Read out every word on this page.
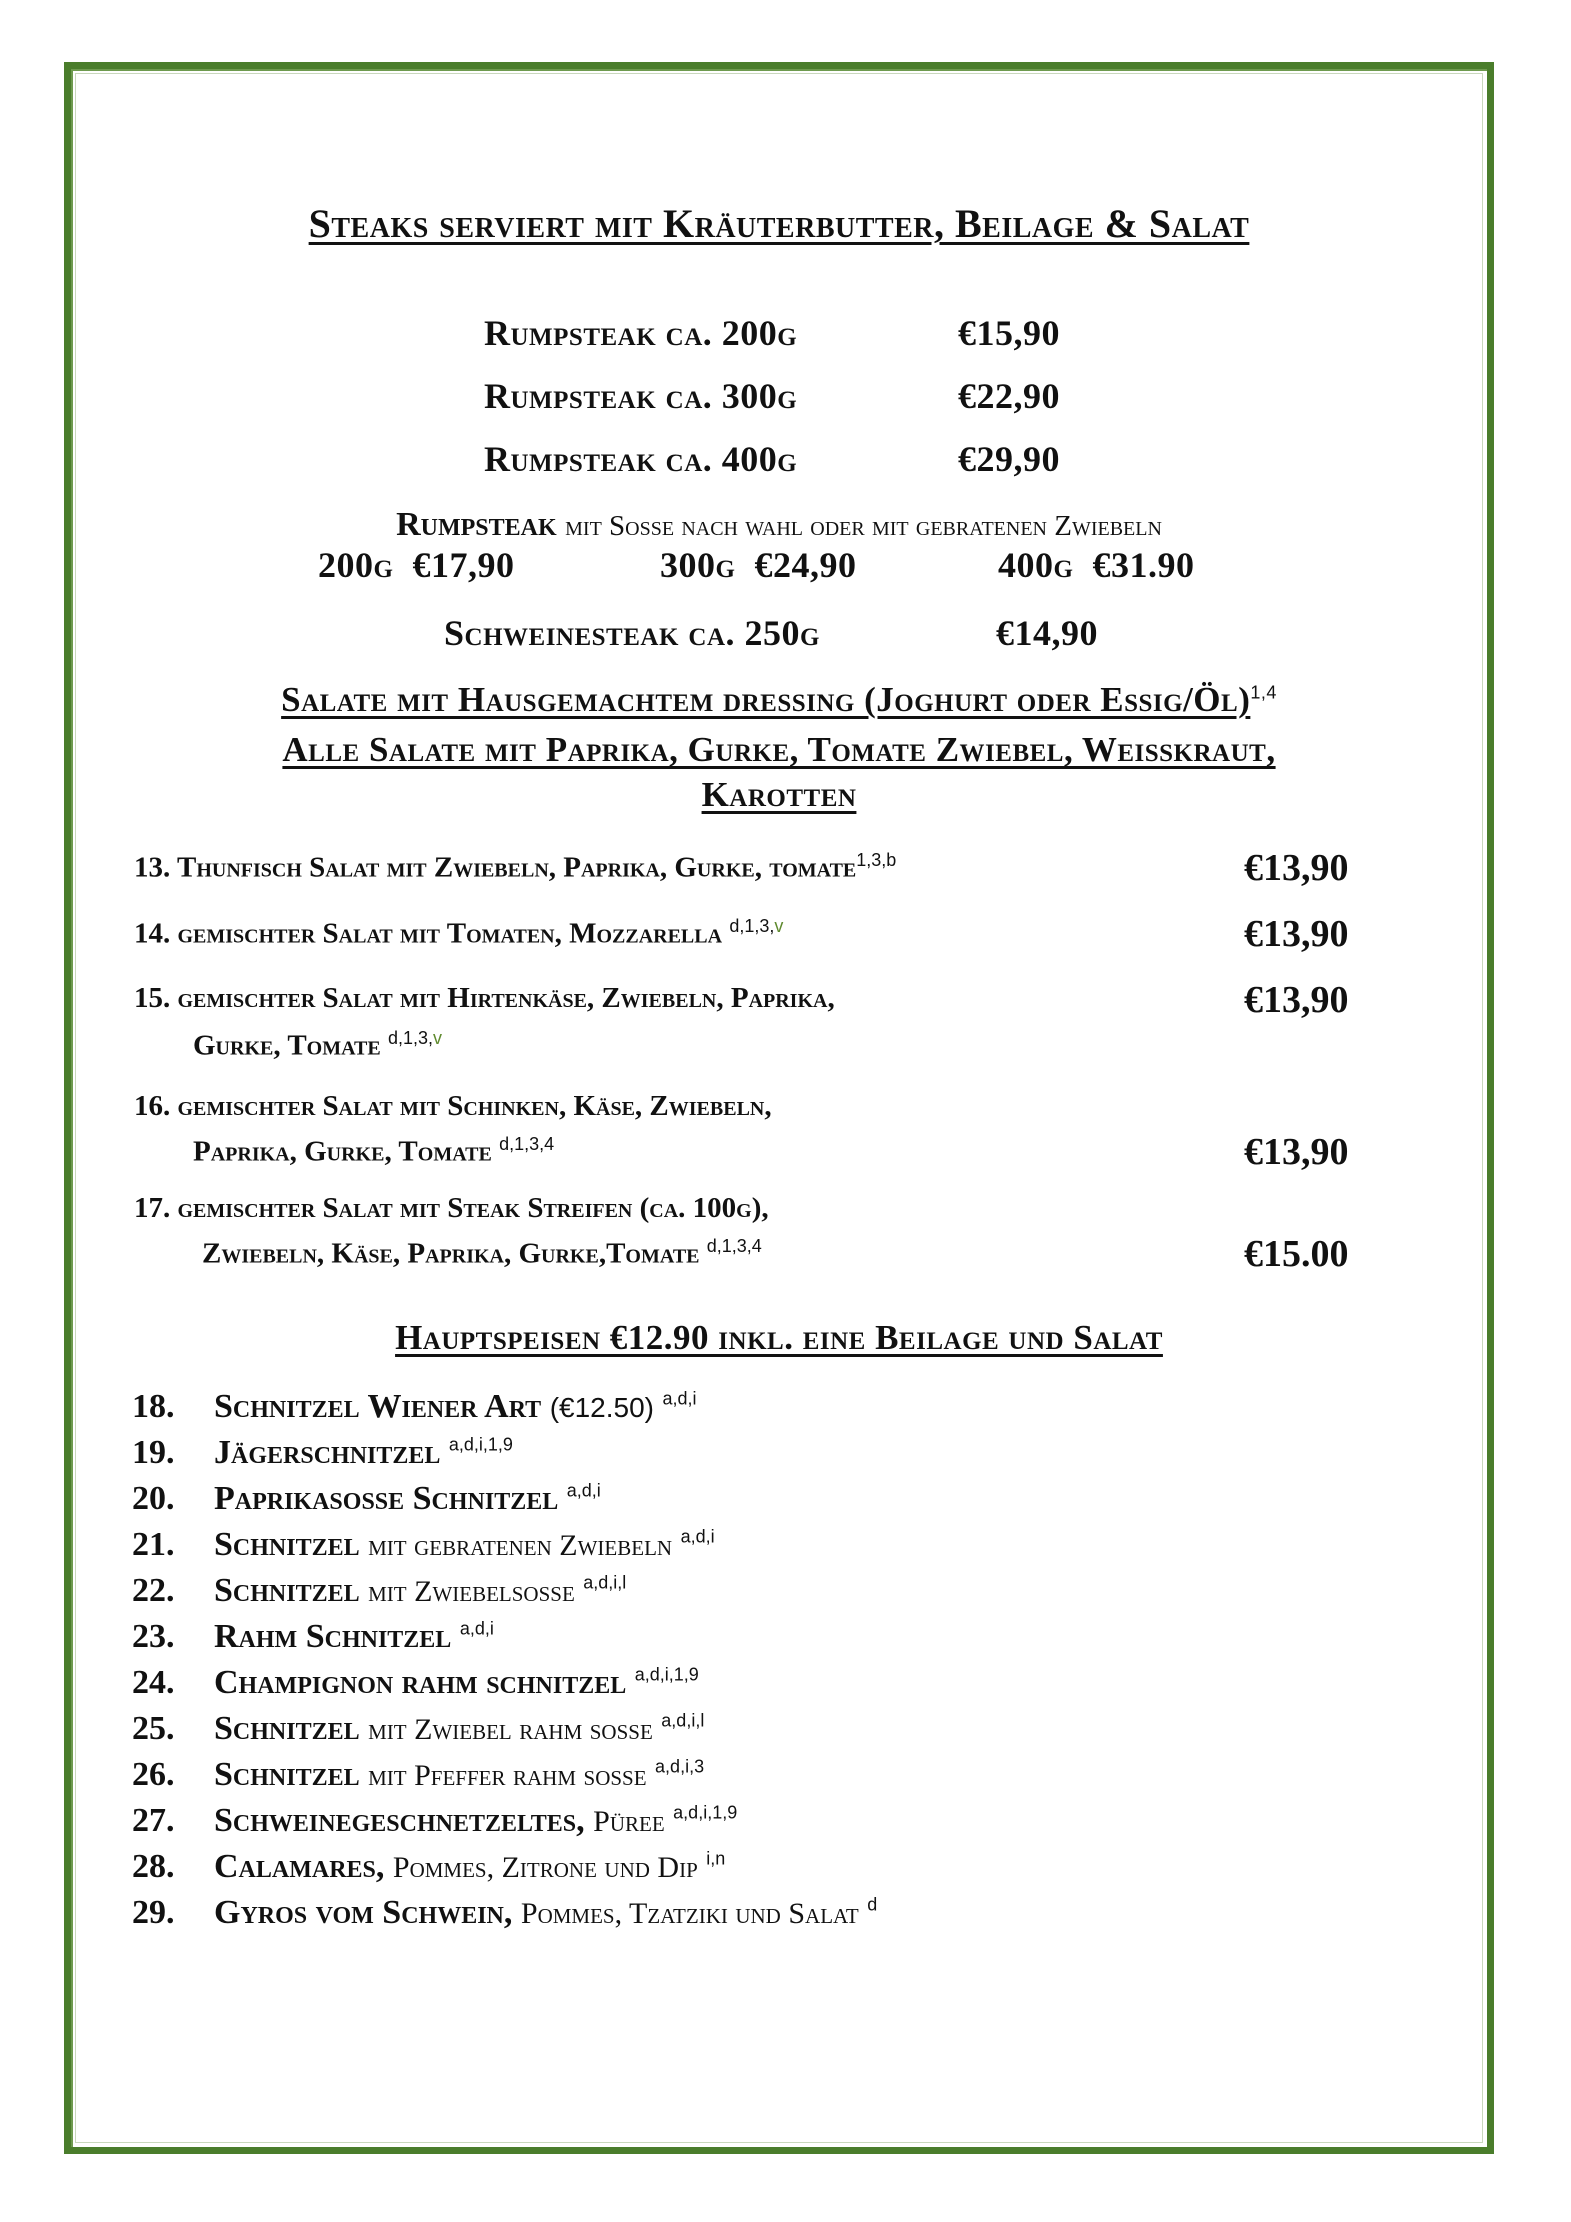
Steaks serviert mit Kräuterbutter, Beilage & Salat
Rumpsteak ca. 200g	€15,90
Rumpsteak ca. 300g	€22,90
Rumpsteak ca. 400g	€29,90
Rumpsteak mit Sosse nach wahl oder mit gebratenen Zwiebeln
200g €17,90	300g €24,90	400g €31.90
Schweinesteak ca. 250g	€14,90
Salate mit Hausgemachtem dressing (Joghurt oder Essig/Öl)$^{1,4}$
Alle Salate mit Paprika, Gurke, Tomate Zwiebel, Weisskraut,
Karotten
13. Thunfisch Salat mit Zwiebeln, Paprika, Gurke, tomate$^{1,3,b}$	€13,90
14. gemischter Salat mit Tomaten, Mozzarella $^{d,1,3,v}$	€13,90
15. gemischter Salat mit Hirtenkäse, Zwiebeln, Paprika,
Gurke, Tomate $^{d,1,3,v}$
€13,90
16. gemischter Salat mit Schinken, Käse, Zwiebeln,
Paprika, Gurke, Tomate $^{d,1,3,4}$	€13,90
17. gemischter Salat mit Steak Streifen (ca. 100g),
Zwiebeln, Käse, Paprika, Gurke,Tomate $^{d,1,3,4}$	€15.00
Hauptspeisen €12.90 inkl. eine Beilage und Salat
18. Schnitzel Wiener Art (€12.50) $^{a,d,i}$
19. Jägerschnitzel $^{a,d,i,1,9}$
20. Paprikasosse Schnitzel $^{a,d,i}$
21. Schnitzel mit gebratenen Zwiebeln $^{a,d,i}$
22. Schnitzel mit Zwiebelsosse $^{a,d,i,l}$
23. Rahm Schnitzel $^{a,d,i}$
24. Champignon rahm schnitzel $^{a,d,i,1,9}$
25. Schnitzel mit Zwiebel rahm sosse $^{a,d,i,l}$
26. Schnitzel mit Pfeffer rahm sosse $^{a,d,i,3}$
27. Schweinegeschnetzeltes, Püree $^{a,d,i,1,9}$
28. Calamares, Pommes, Zitrone und Dip $^{i,n}$
29. Gyros vom Schwein, Pommes, Tzatziki und Salat $^d$
